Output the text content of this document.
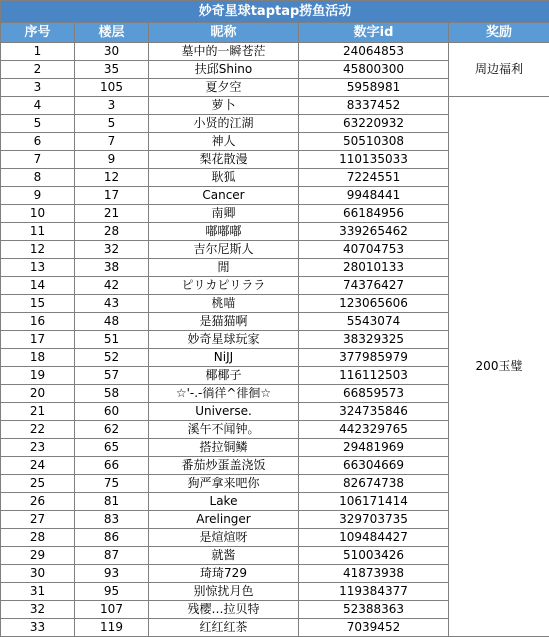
妙奇星球taptap捞鱼活动				
序号	楼层	昵称	数字id	奖励
1	30	墓中的一瞬苍茫	24064853	周边福利
2	35	扶邱Shino	45800300	
3	105	夏夕空	5958981	
4	3	萝卜	8337452	200玉璧
5	5	小贤的江湖	63220932	
6	7	神人	50510308	
7	9	梨花散漫	110135033	
8	12	耿狐	7224551	
9	17	Cancer	9948441	
10	21	南卿	66184956	
11	28	嘟嘟嘟	339265462	
12	32	吉尔尼斯人	40704753	
13	38	閒	28010133	
14	42	ピリカピリララ	74376427	
15	43	桃喵	123065606	
16	48	是猫猫啊	5543074	
17	51	妙奇星球玩家	38329325	
18	52	NiJJ	377985979	
19	57	椰椰子	116112503	
20	58	☆'-.-徜徉^徘徊☆	66859573	
21	60	Universe.	324735846	
22	62	溪午不闻钟。	442329765	
23	65	搭拉铜鳞	29481969	
24	66	番茄炒蛋盖浇饭	66304669	
25	75	狗严拿来吧你	82674738	
26	81	Lake	106171414	
27	83	Arelinger	329703735	
28	86	是煊煊呀	109484427	
29	87	就酱	51003426	
30	93	琦琦729	41873938	
31	95	别惊扰月色	119384377	
32	107	残樱…拉贝特	52388363	
33	119	红红红茶	7039452	
